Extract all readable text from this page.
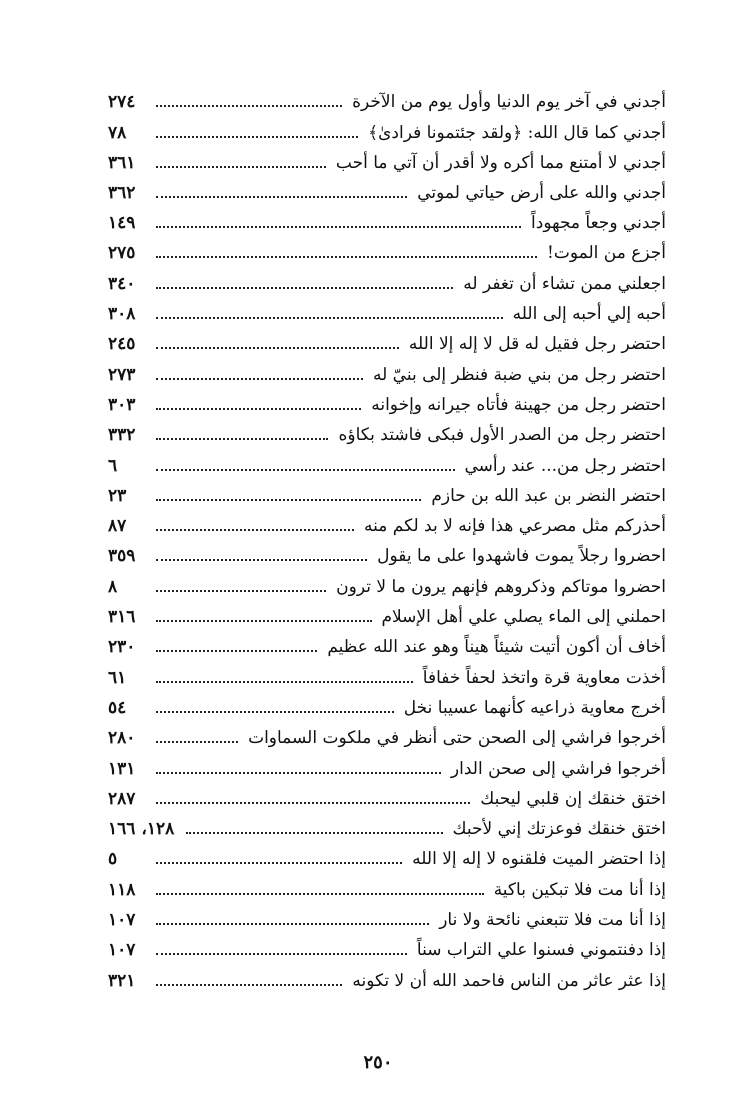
أجدني في آخر يوم الدنيا وأول يوم من الآخرة
٢٧٤
أجدني كما قال الله: ﴿ولقد جئتمونا فرادىٰ﴾
٧٨
أجدني لا أمتنع مما أكره ولا أقدر أن آتي ما أحب
٣٦١
أجدني والله على أرض حياتي لموتي
٣٦٢
أجدني وجعاً مجهوداً
١٤٩
أجزع من الموت!
٢٧٥
اجعلني ممن تشاء أن تغفر له
٣٤٠
أحبه إلي أحبه إلى الله
٣٠٨
احتضر رجل فقيل له قل لا إله إلا الله
٢٤٥
احتضر رجل من بني ضبة فنظر إلى بنيّ له
٢٧٣
احتضر رجل من جهينة فأتاه جيرانه وإخوانه
٣٠٣
احتضر رجل من الصدر الأول فبكى فاشتد بكاؤه
٣٣٢
احتضر رجل من... عند رأسي
٦
احتضر النضر بن عبد الله بن حازم
٢٣
أحذركم مثل مصرعي هذا فإنه لا بد لكم منه
٨٧
احضروا رجلاً يموت فاشهدوا على ما يقول
٣٥٩
احضروا موتاكم وذكروهم فإنهم يرون ما لا ترون
٨
احملني إلى الماء يصلي علي أهل الإسلام
٣١٦
أخاف أن أكون أتيت شيئاً هيناً وهو عند الله عظيم
٢٣٠
أخذت معاوية قرة واتخذ لحفاً خفافاً
٦١
أخرج معاوية ذراعيه كأنهما عسيبا نخل
٥٤
أخرجوا فراشي إلى الصحن حتى أنظر في ملكوت السماوات
٢٨٠
أخرجوا فراشي إلى صحن الدار
١٣١
اختق خنقك إن قلبي ليحبك
٢٨٧
اختق خنقك فوعزتك إني لأحبك
١٢٨، ١٦٦
إذا احتضر الميت فلقنوه لا إله إلا الله
٥
إذا أنا مت فلا تبكين باكية
١١٨
إذا أنا مت فلا تتبعني نائحة ولا نار
١٠٧
إذا دفنتموني فسنوا علي التراب سناً
١٠٧
إذا عثر عاثر من الناس فاحمد الله أن لا تكونه
٣٢١
٢٥٠
